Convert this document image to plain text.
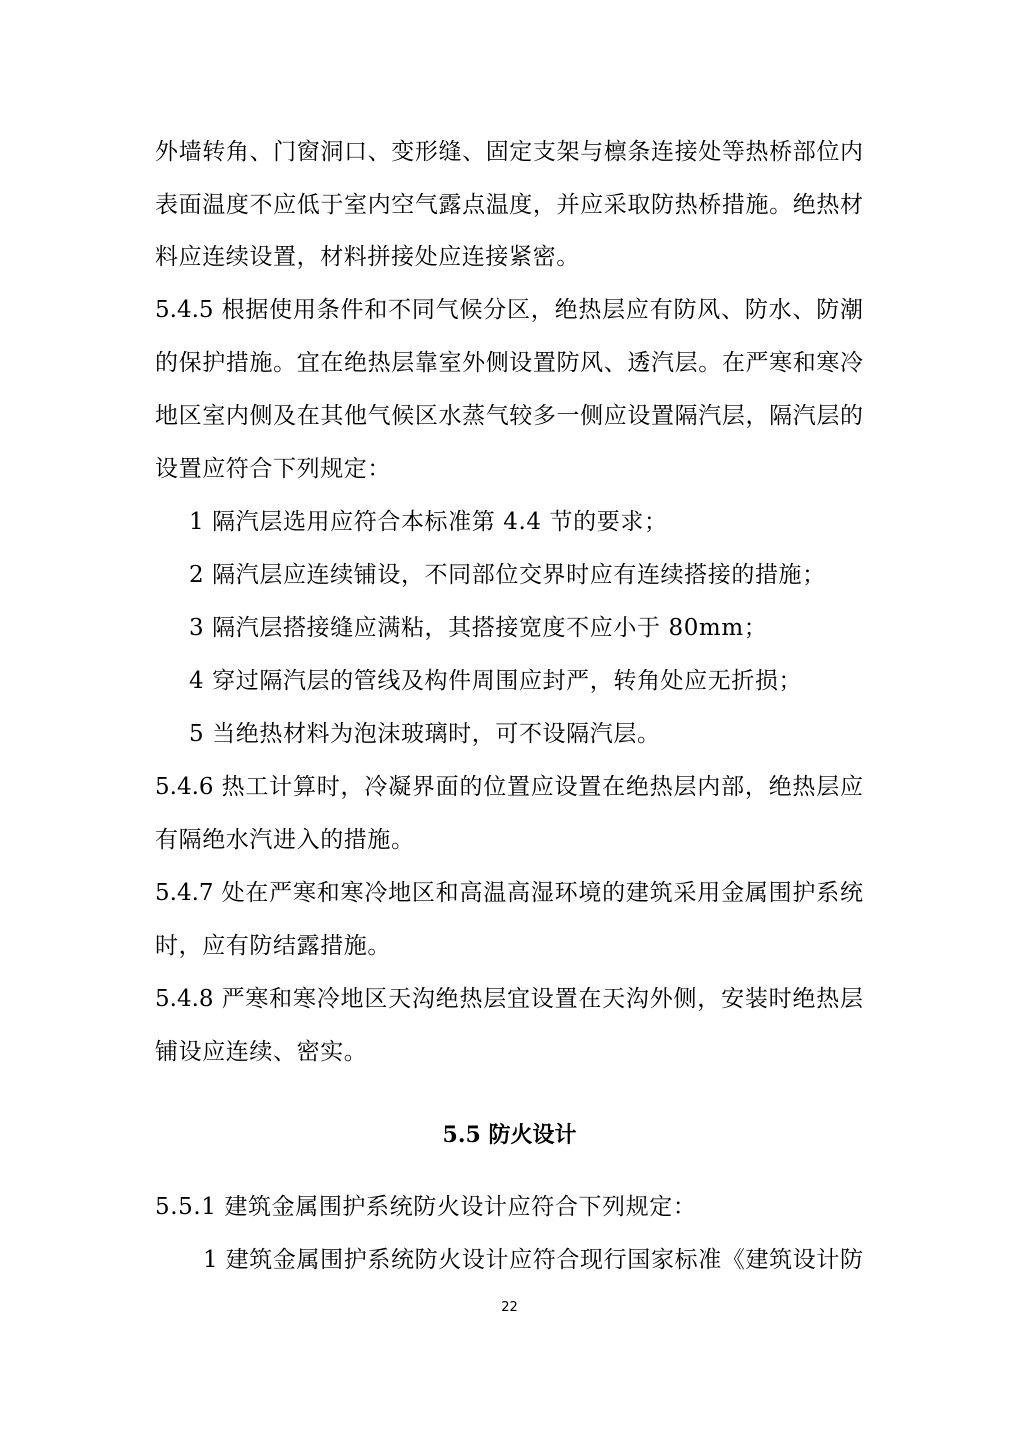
外墙转角、门窗洞口、变形缝、固定支架与檩条连接处等热桥部位内
表面温度不应低于室内空气露点温度，并应采取防热桥措施。绝热材
料应连续设置，材料拼接处应连接紧密。
5.4.5 根据使用条件和不同气候分区，绝热层应有防风、防水、防潮
的保护措施。宜在绝热层靠室外侧设置防风、透汽层。在严寒和寒冷
地区室内侧及在其他气候区水蒸气较多一侧应设置隔汽层，隔汽层的
设置应符合下列规定：
1 隔汽层选用应符合本标准第 4.4 节的要求；
2 隔汽层应连续铺设，不同部位交界时应有连续搭接的措施；
3 隔汽层搭接缝应满粘，其搭接宽度不应小于 80mm；
4 穿过隔汽层的管线及构件周围应封严，转角处应无折损；
5 当绝热材料为泡沫玻璃时，可不设隔汽层。
5.4.6 热工计算时，冷凝界面的位置应设置在绝热层内部，绝热层应
有隔绝水汽进入的措施。
5.4.7 处在严寒和寒冷地区和高温高湿环境的建筑采用金属围护系统
时，应有防结露措施。
5.4.8 严寒和寒冷地区天沟绝热层宜设置在天沟外侧，安装时绝热层
铺设应连续、密实。
5.5 防火设计
5.5.1 建筑金属围护系统防火设计应符合下列规定：
1 建筑金属围护系统防火设计应符合现行国家标准《建筑设计防
22
